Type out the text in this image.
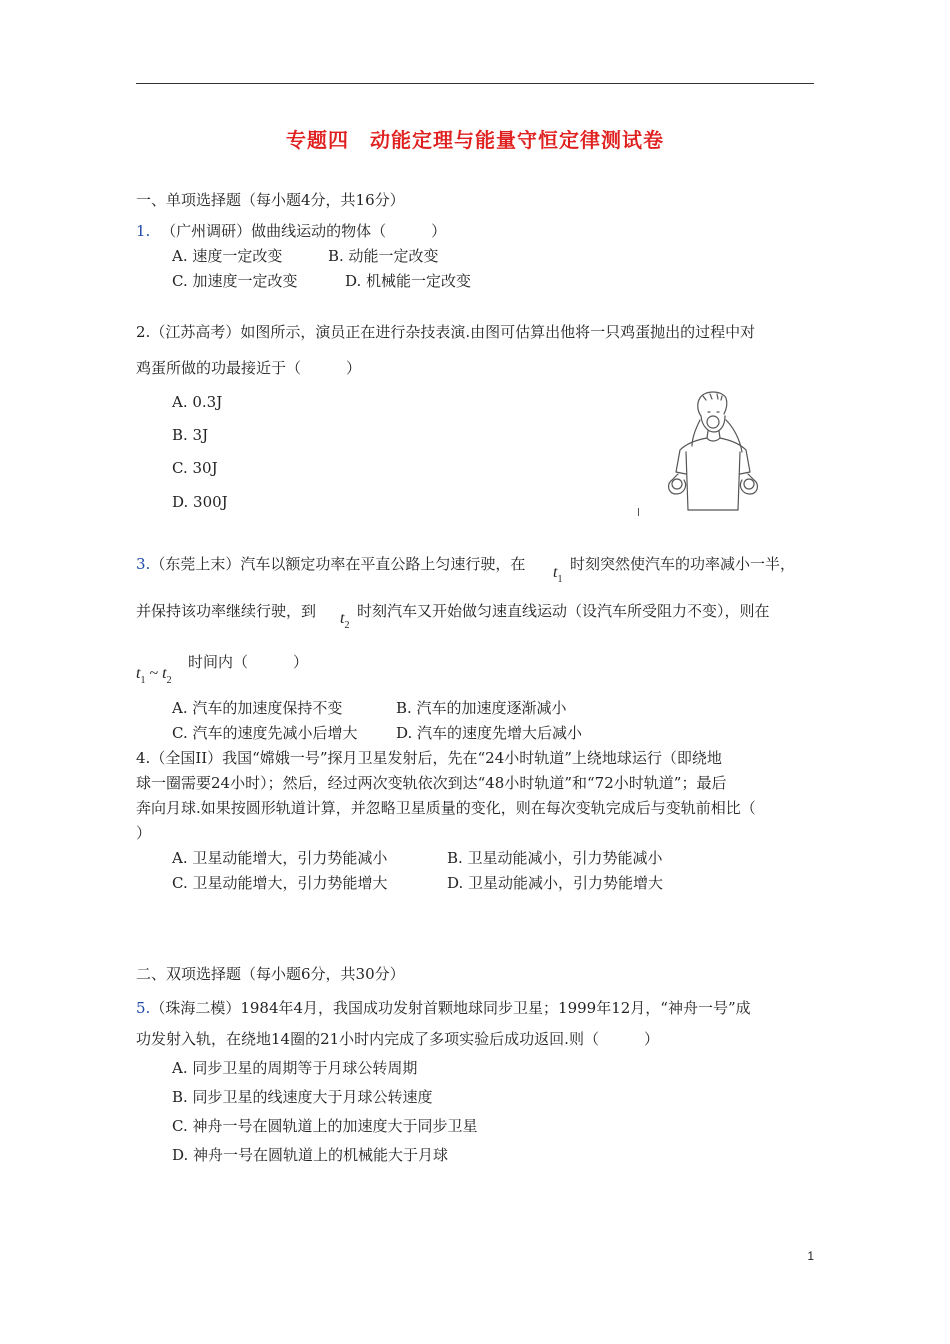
专题四　动能定理与能量守恒定律测试卷
一、单项选择题（每小题4分，共16分）
1. （广州调研）做曲线运动的物体（　　　）
A. 速度一定改变	B. 动能一定改变
C. 加速度一定改变	D. 机械能一定改变
2.（江苏高考）如图所示，演员正在进行杂技表演.由图可估算出他将一只鸡蛋抛出的过程中对
鸡蛋所做的功最接近于（　　　）
A. 0.3J
B. 3J
C. 30J
D. 300J
3.（东莞上末）汽车以额定功率在平直公路上匀速行驶，在 $t_1$
时刻突然使汽车的功率减小一半，
并保持该功率继续行驶，到 $t_2$
时刻汽车又开始做匀速直线运动（设汽车所受阻力不变），则在
$t_1$ ~ $t_2$
时间内（　　　）
A. 汽车的加速度保持不变	B. 汽车的加速度逐渐减小
C. 汽车的速度先减小后增大	D. 汽车的速度先增大后减小
4.（全国II）我国“嫦娥一号”探月卫星发射后，先在“24小时轨道”上绕地球运行（即绕地
球一圈需要24小时）；然后，经过两次变轨依次到达“48小时轨道”和“72小时轨道”；最后
奔向月球.如果按圆形轨道计算，并忽略卫星质量的变化，则在每次变轨完成后与变轨前相比（
）
A. 卫星动能增大，引力势能减小	B. 卫星动能减小，引力势能减小
C. 卫星动能增大，引力势能增大	D. 卫星动能减小，引力势能增大
二、双项选择题（每小题6分，共30分）
5.（珠海二模）1984年4月，我国成功发射首颗地球同步卫星；1999年12月，“神舟一号”成
功发射入轨，在绕地14圈的21小时内完成了多项实验后成功返回.则（　　　）
A. 同步卫星的周期等于月球公转周期
B. 同步卫星的线速度大于月球公转速度
C. 神舟一号在圆轨道上的加速度大于同步卫星
D. 神舟一号在圆轨道上的机械能大于月球
1
